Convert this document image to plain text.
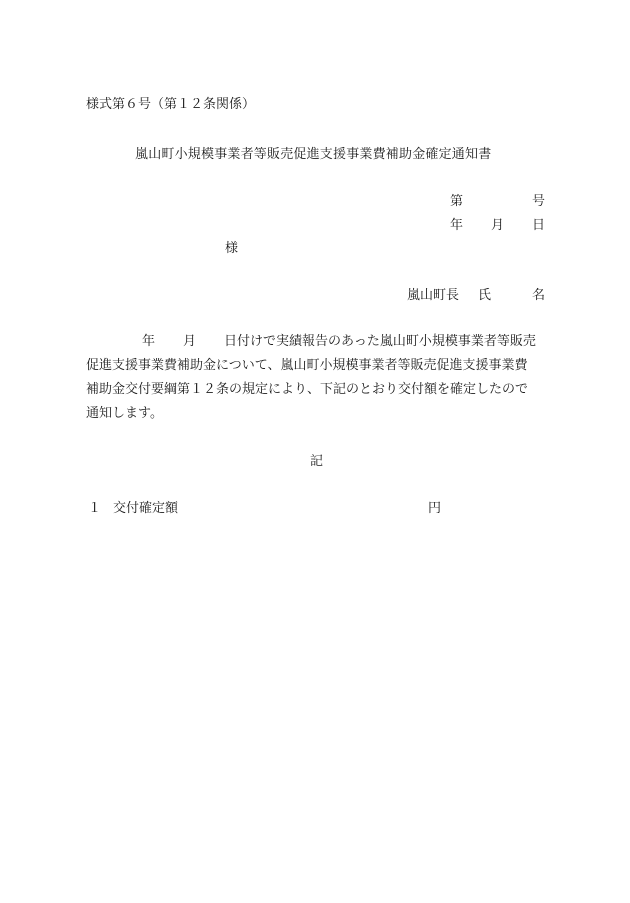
様式第６号（第１２条関係）
嵐山町小規模事業者等販売促進支援事業費補助金確定通知書
第	号
年 月 日
様
嵐山町長 氏	名
年 月 日付けで実績報告のあった嵐山町小規模事業者等販売
促進支援事業費補助金について、嵐山町小規模事業者等販売促進支援事業費
補助金交付要綱第１２条の規定により、下記のとおり交付額を確定したので
通知します。
記
１ 交付確定額	円
